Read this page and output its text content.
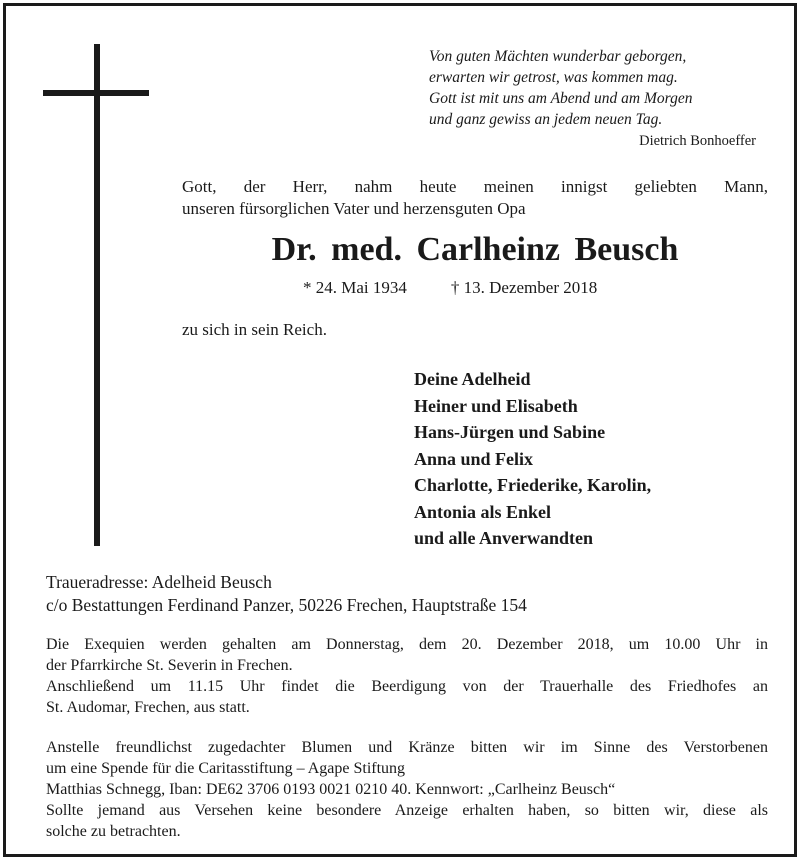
Von guten Mächten wunderbar geborgen,
erwarten wir getrost, was kommen mag.
Gott ist mit uns am Abend und am Morgen
und ganz gewiss an jedem neuen Tag.
Dietrich Bonhoeffer
Gott, der Herr, nahm heute meinen innigst geliebten Mann,
unseren fürsorglichen Vater und herzensguten Opa
Dr. med. Carlheinz Beusch
* 24. Mai 1934	† 13. Dezember 2018
zu sich in sein Reich.
Deine Adelheid
Heiner und Elisabeth
Hans-Jürgen und Sabine
Anna und Felix
Charlotte, Friederike, Karolin,
Antonia als Enkel
und alle Anverwandten
Traueradresse: Adelheid Beusch
c/o Bestattungen Ferdinand Panzer, 50226 Frechen, Hauptstraße 154
Die Exequien werden gehalten am Donnerstag, dem 20. Dezember 2018, um 10.00 Uhr in
der Pfarrkirche St. Severin in Frechen.
Anschließend um 11.15 Uhr findet die Beerdigung von der Trauerhalle des Friedhofes an
St. Audomar, Frechen, aus statt.
Anstelle freundlichst zugedachter Blumen und Kränze bitten wir im Sinne des Verstorbenen
um eine Spende für die Caritasstiftung – Agape Stiftung
Matthias Schnegg, Iban: DE62 3706 0193 0021 0210 40. Kennwort: „Carlheinz Beusch“
Sollte jemand aus Versehen keine besondere Anzeige erhalten haben, so bitten wir, diese als
solche zu betrachten.
